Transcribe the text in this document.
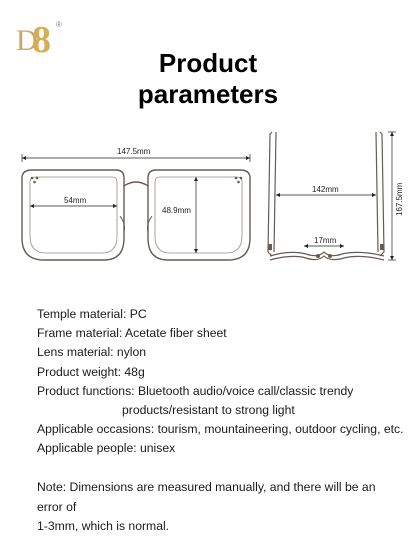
D
8 ®
Product
parameters
147.5mm
54mm
48.9mm
142mm
17mm
167.5mm
Temple material: PC
Frame material: Acetate fiber sheet
Lens material: nylon
Product weight: 48g
Product functions: Bluetooth audio/voice call/classic trendy
products/resistant to strong light
Applicable occasions: tourism, mountaineering, outdoor cycling, etc.
Applicable people: unisex
Note: Dimensions are measured manually, and there will be an error of
1-3mm, which is normal.
